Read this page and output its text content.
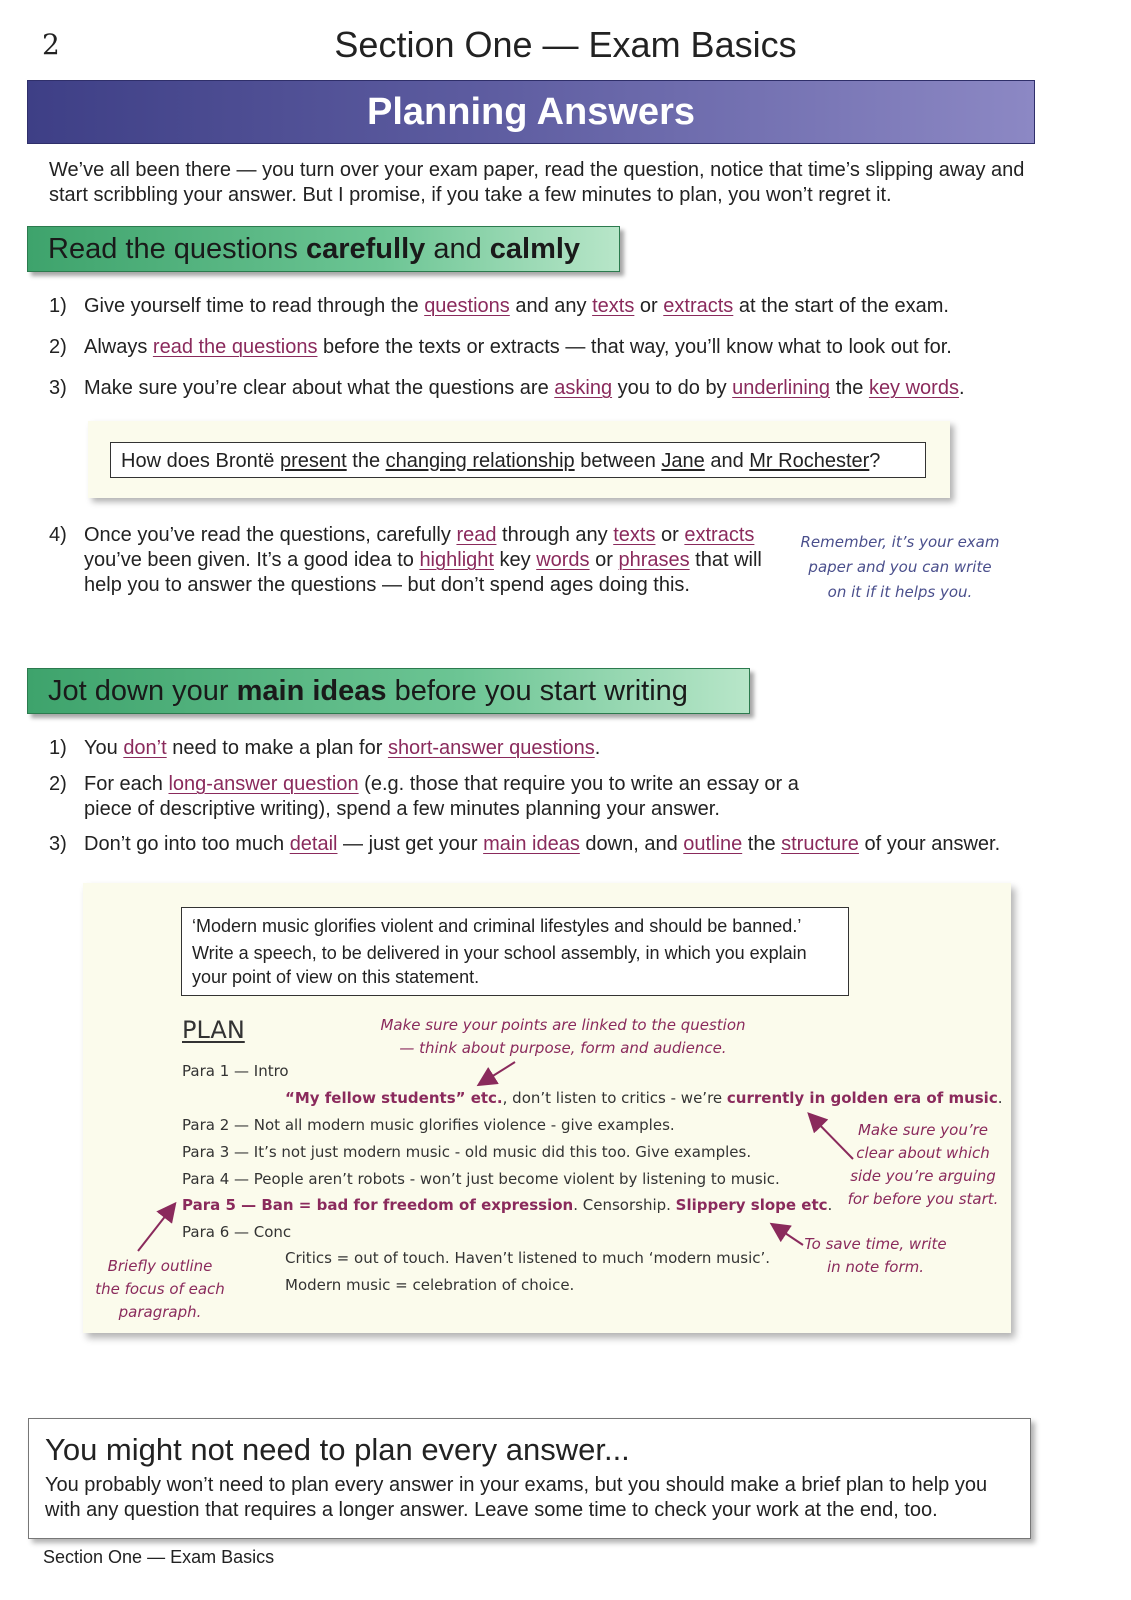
2	Section One — Exam Basics
Planning Answers
We’ve all been there — you turn over your exam paper, read the question, notice that time’s slipping away and start scribbling your answer. But I promise, if you take a few minutes to plan, you won’t regret it.
Read the questions carefully and calmly
1) Give yourself time to read through the questions and any texts or extracts at the start of the exam.
2) Always read the questions before the texts or extracts — that way, you’ll know what to look out for.
3) Make sure you’re clear about what the questions are asking you to do by underlining the key words.
How does Brontë present the changing relationship between Jane and Mr Rochester?
4) Once you’ve read the questions, carefully read through any texts or extracts you’ve been given. It’s a good idea to highlight key words or phrases that will help you to answer the questions — but don’t spend ages doing this.
Remember, it’s your exam
paper and you can write
on it if it helps you.
Jot down your main ideas before you start writing
1) You don’t need to make a plan for short-answer questions.
2) For each long-answer question (e.g. those that require you to write an essay or a piece of descriptive writing), spend a few minutes planning your answer.
3) Don’t go into too much detail — just get your main ideas down, and outline the structure of your answer.
‘Modern music glorifies violent and criminal lifestyles and should be banned.’
Write a speech, to be delivered in your school assembly, in which you explain your point of view on this statement.
PLAN	Make sure your points are linked to the question
— think about purpose, form and audience.
Para 1 — Intro
“My fellow students” etc., don’t listen to critics - we’re currently in golden era of music.
Para 2 — Not all modern music glorifies violence - give examples.
Para 3 — It’s not just modern music - old music did this too. Give examples.
Para 4 — People aren’t robots - won’t just become violent by listening to music.
Para 5 — Ban = bad for freedom of expression. Censorship. Slippery slope etc.
Para 6 — Conc
Critics = out of touch. Haven’t listened to much ‘modern music’.
Modern music = celebration of choice.
Make sure you’re
clear about which
side you’re arguing
for before you start.
To save time, write
in note form.
Briefly outline
the focus of each
paragraph.
You might not need to plan every answer...
You probably won’t need to plan every answer in your exams, but you should make a brief plan to help you with any question that requires a longer answer. Leave some time to check your work at the end, too.
Section One — Exam Basics
